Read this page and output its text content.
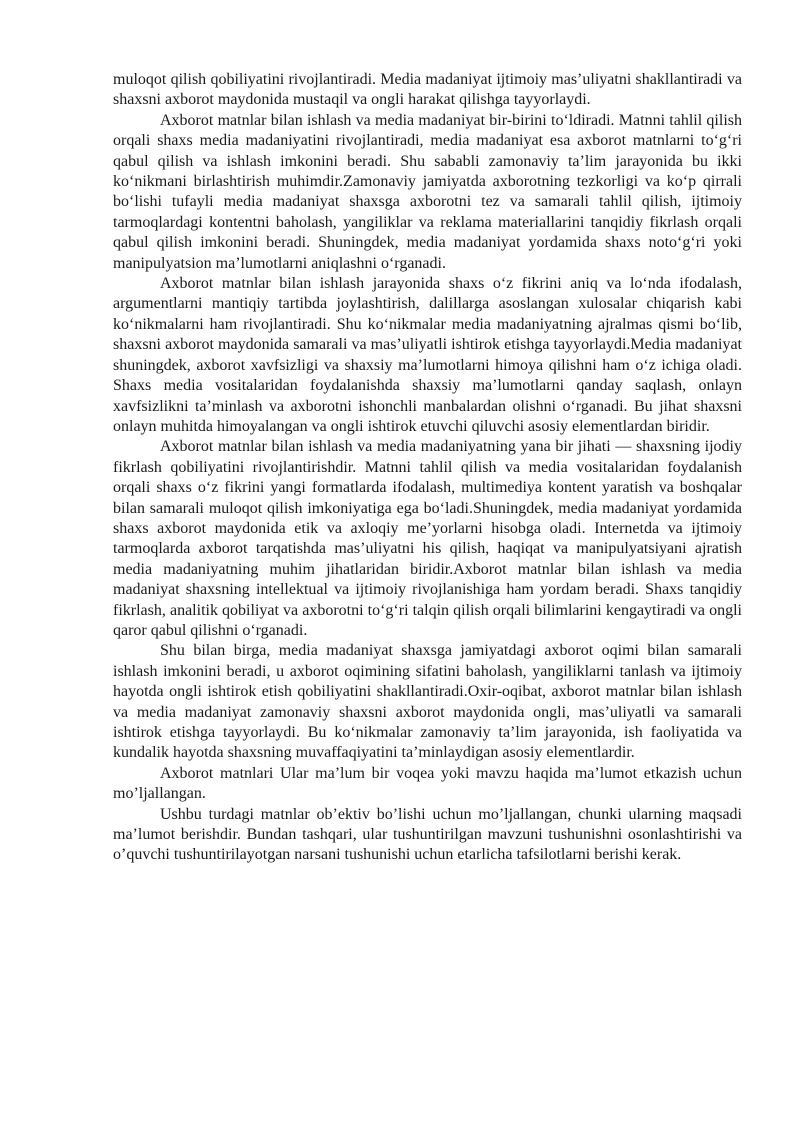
muloqot qilish qobiliyatini rivojlantiradi. Media madaniyat ijtimoiy mas’uliyatni shakllantiradi va shaxsni axborot maydonida mustaqil va ongli harakat qilishga tayyorlaydi.

Axborot matnlar bilan ishlash va media madaniyat bir-birini to‘ldiradi. Matnni tahlil qilish orqali shaxs media madaniyatini rivojlantiradi, media madaniyat esa axborot matnlarni to‘g‘ri qabul qilish va ishlash imkonini beradi. Shu sababli zamonaviy ta’lim jarayonida bu ikki ko‘nikmani birlashtirish muhimdir.Zamonaviy jamiyatda axborotning tezkorligi va ko‘p qirrali bo‘lishi tufayli media madaniyat shaxsga axborotni tez va samarali tahlil qilish, ijtimoiy tarmoqlardagi kontentni baholash, yangiliklar va reklama materiallarini tanqidiy fikrlash orqali qabul qilish imkonini beradi. Shuningdek, media madaniyat yordamida shaxs noto‘g‘ri yoki manipulyatsion ma’lumotlarni aniqlashni o‘rganadi.

Axborot matnlar bilan ishlash jarayonida shaxs o‘z fikrini aniq va lo‘nda ifodalash, argumentlarni mantiqiy tartibda joylashtirish, dalillarga asoslangan xulosalar chiqarish kabi ko‘nikmalarni ham rivojlantiradi. Shu ko‘nikmalar media madaniyatning ajralmas qismi bo‘lib, shaxsni axborot maydonida samarali va mas’uliyatli ishtirok etishga tayyorlaydi.Media madaniyat shuningdek, axborot xavfsizligi va shaxsiy ma’lumotlarni himoya qilishni ham o‘z ichiga oladi. Shaxs media vositalaridan foydalanishda shaxsiy ma’lumotlarni qanday saqlash, onlayn xavfsizlikni ta’minlash va axborotni ishonchli manbalardan olishni o‘rganadi. Bu jihat shaxsni onlayn muhitda himoyalangan va ongli ishtirok etuvchi qiluvchi asosiy elementlardan biridir.

Axborot matnlar bilan ishlash va media madaniyatning yana bir jihati — shaxsning ijodiy fikrlash qobiliyatini rivojlantirishdir. Matnni tahlil qilish va media vositalaridan foydalanish orqali shaxs o‘z fikrini yangi formatlarda ifodalash, multimediya kontent yaratish va boshqalar bilan samarali muloqot qilish imkoniyatiga ega bo‘ladi.Shuningdek, media madaniyat yordamida shaxs axborot maydonida etik va axloqiy me’yorlarni hisobga oladi. Internetda va ijtimoiy tarmoqlarda axborot tarqatishda mas’uliyatni his qilish, haqiqat va manipulyatsiyani ajratish media madaniyatning muhim jihatlaridan biridir.Axborot matnlar bilan ishlash va media madaniyat shaxsning intellektual va ijtimoiy rivojlanishiga ham yordam beradi. Shaxs tanqidiy fikrlash, analitik qobiliyat va axborotni to‘g‘ri talqin qilish orqali bilimlarini kengaytiradi va ongli qaror qabul qilishni o‘rganadi.

Shu bilan birga, media madaniyat shaxsga jamiyatdagi axborot oqimi bilan samarali ishlash imkonini beradi, u axborot oqimining sifatini baholash, yangiliklarni tanlash va ijtimoiy hayotda ongli ishtirok etish qobiliyatini shakllantiradi.Oxir-oqibat, axborot matnlar bilan ishlash va media madaniyat zamonaviy shaxsni axborot maydonida ongli, mas’uliyatli va samarali ishtirok etishga tayyorlaydi. Bu ko‘nikmalar zamonaviy ta’lim jarayonida, ish faoliyatida va kundalik hayotda shaxsning muvaffaqiyatini ta’minlaydigan asosiy elementlardir.

Axborot matnlari Ular ma’lum bir voqea yoki mavzu haqida ma’lumot etkazish uchun mo’ljallangan.

Ushbu turdagi matnlar ob’ektiv bo’lishi uchun mo’ljallangan, chunki ularning maqsadi ma’lumot berishdir. Bundan tashqari, ular tushuntirilgan mavzuni tushunishni osonlashtirishi va o’quvchi tushuntirilayotgan narsani tushunishi uchun etarlicha tafsilotlarni berishi kerak.
